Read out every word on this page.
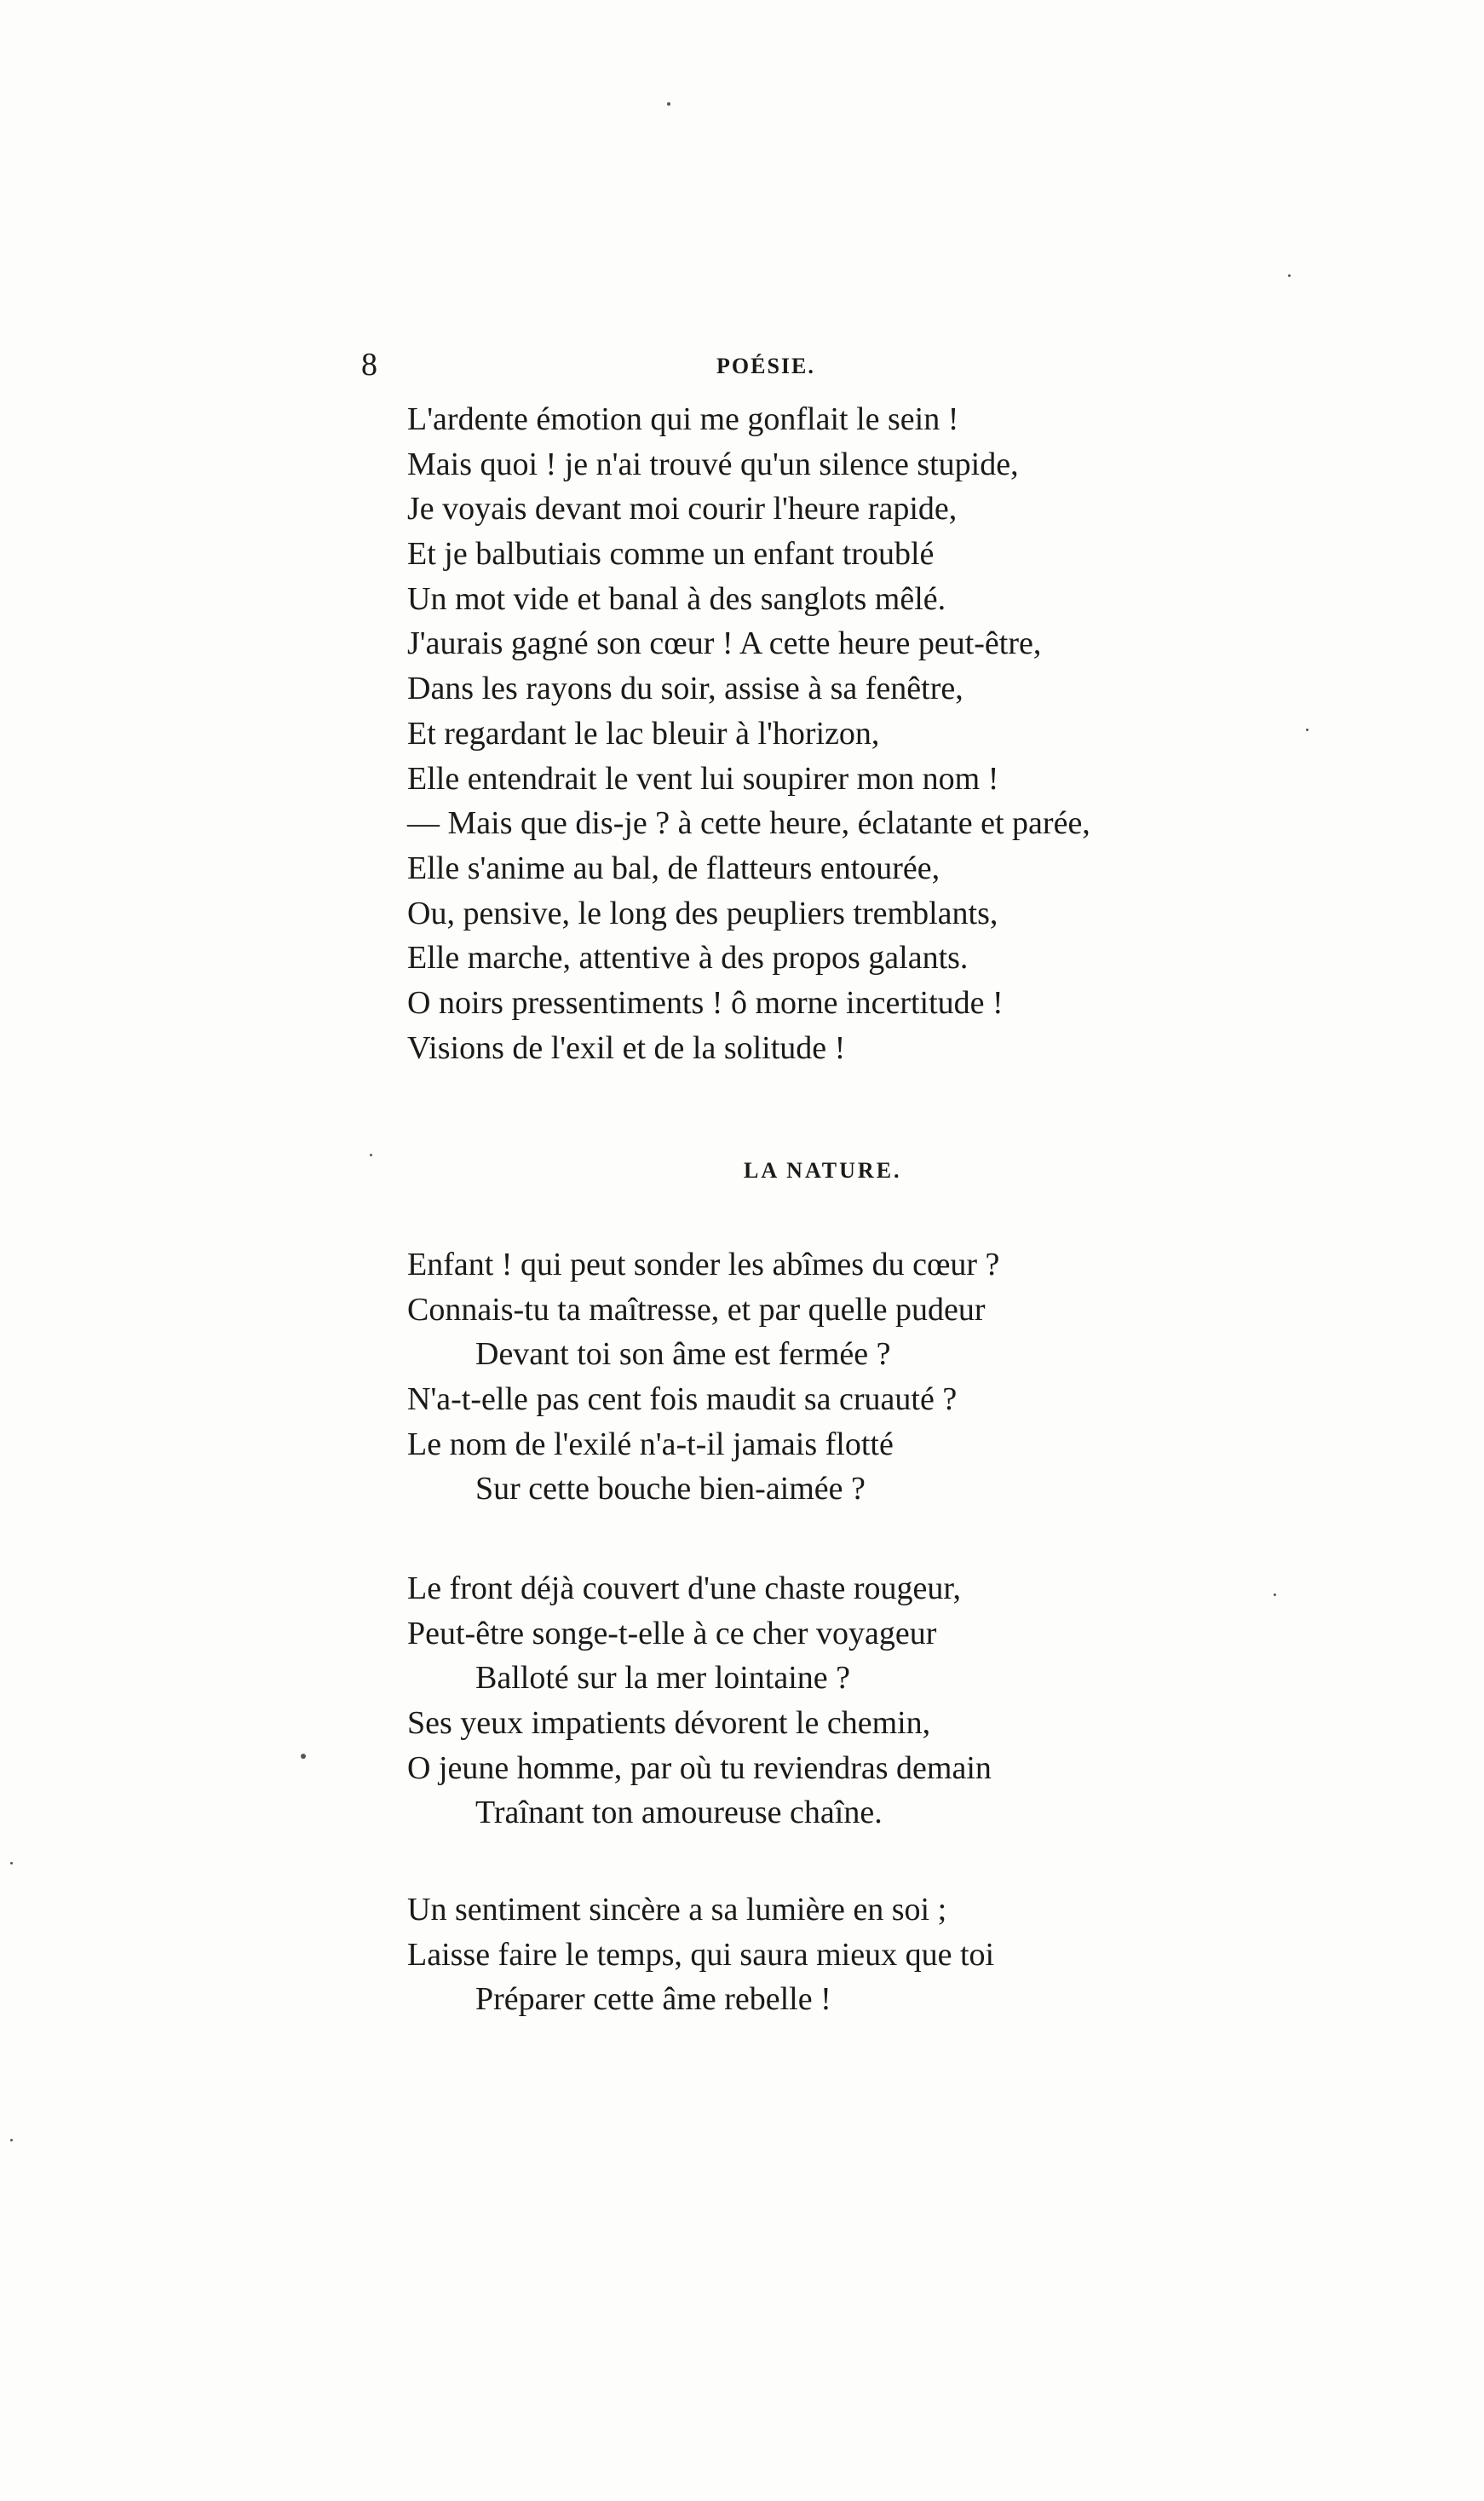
8	POÉSIE.
L'ardente émotion qui me gonflait le sein !
Mais quoi ! je n'ai trouvé qu'un silence stupide,
Je voyais devant moi courir l'heure rapide,
Et je balbutiais comme un enfant troublé
Un mot vide et banal à des sanglots mêlé.
J'aurais gagné son cœur ! A cette heure peut-être,
Dans les rayons du soir, assise à sa fenêtre,
Et regardant le lac bleuir à l'horizon,
Elle entendrait le vent lui soupirer mon nom !
— Mais que dis-je ? à cette heure, éclatante et parée,
Elle s'anime au bal, de flatteurs entourée,
Ou, pensive, le long des peupliers tremblants,
Elle marche, attentive à des propos galants.
O noirs pressentiments ! ô morne incertitude !
Visions de l'exil et de la solitude !
LA NATURE.
Enfant ! qui peut sonder les abîmes du cœur ?
Connais-tu ta maîtresse, et par quelle pudeur
Devant toi son âme est fermée ?
N'a-t-elle pas cent fois maudit sa cruauté ?
Le nom de l'exilé n'a-t-il jamais flotté
Sur cette bouche bien-aimée ?
Le front déjà couvert d'une chaste rougeur,
Peut-être songe-t-elle à ce cher voyageur
Balloté sur la mer lointaine ?
Ses yeux impatients dévorent le chemin,
O jeune homme, par où tu reviendras demain
Traînant ton amoureuse chaîne.
Un sentiment sincère a sa lumière en soi ;
Laisse faire le temps, qui saura mieux que toi
Préparer cette âme rebelle !
